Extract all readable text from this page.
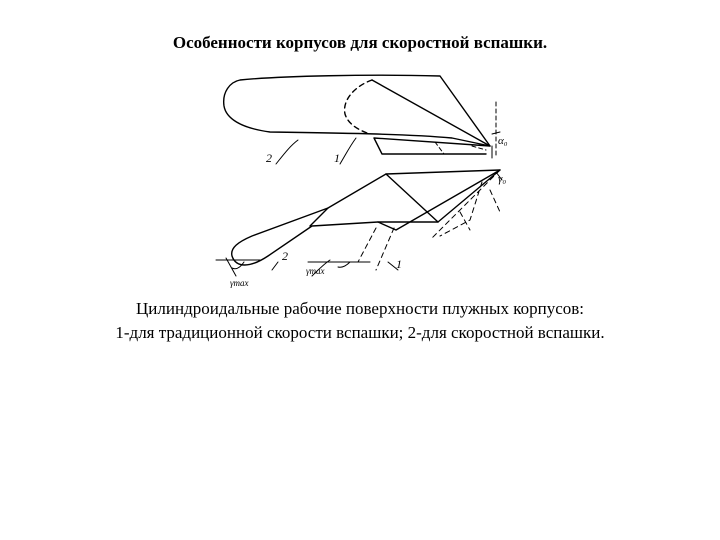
Особенности корпусов для скоростной вспашки.
2	1
α₀
γ₀
2
1
γmax
γmax
Цилиндроидальные рабочие поверхности плужных корпусов:
1-для традиционной скорости вспашки; 2-для скоростной вспашки.
